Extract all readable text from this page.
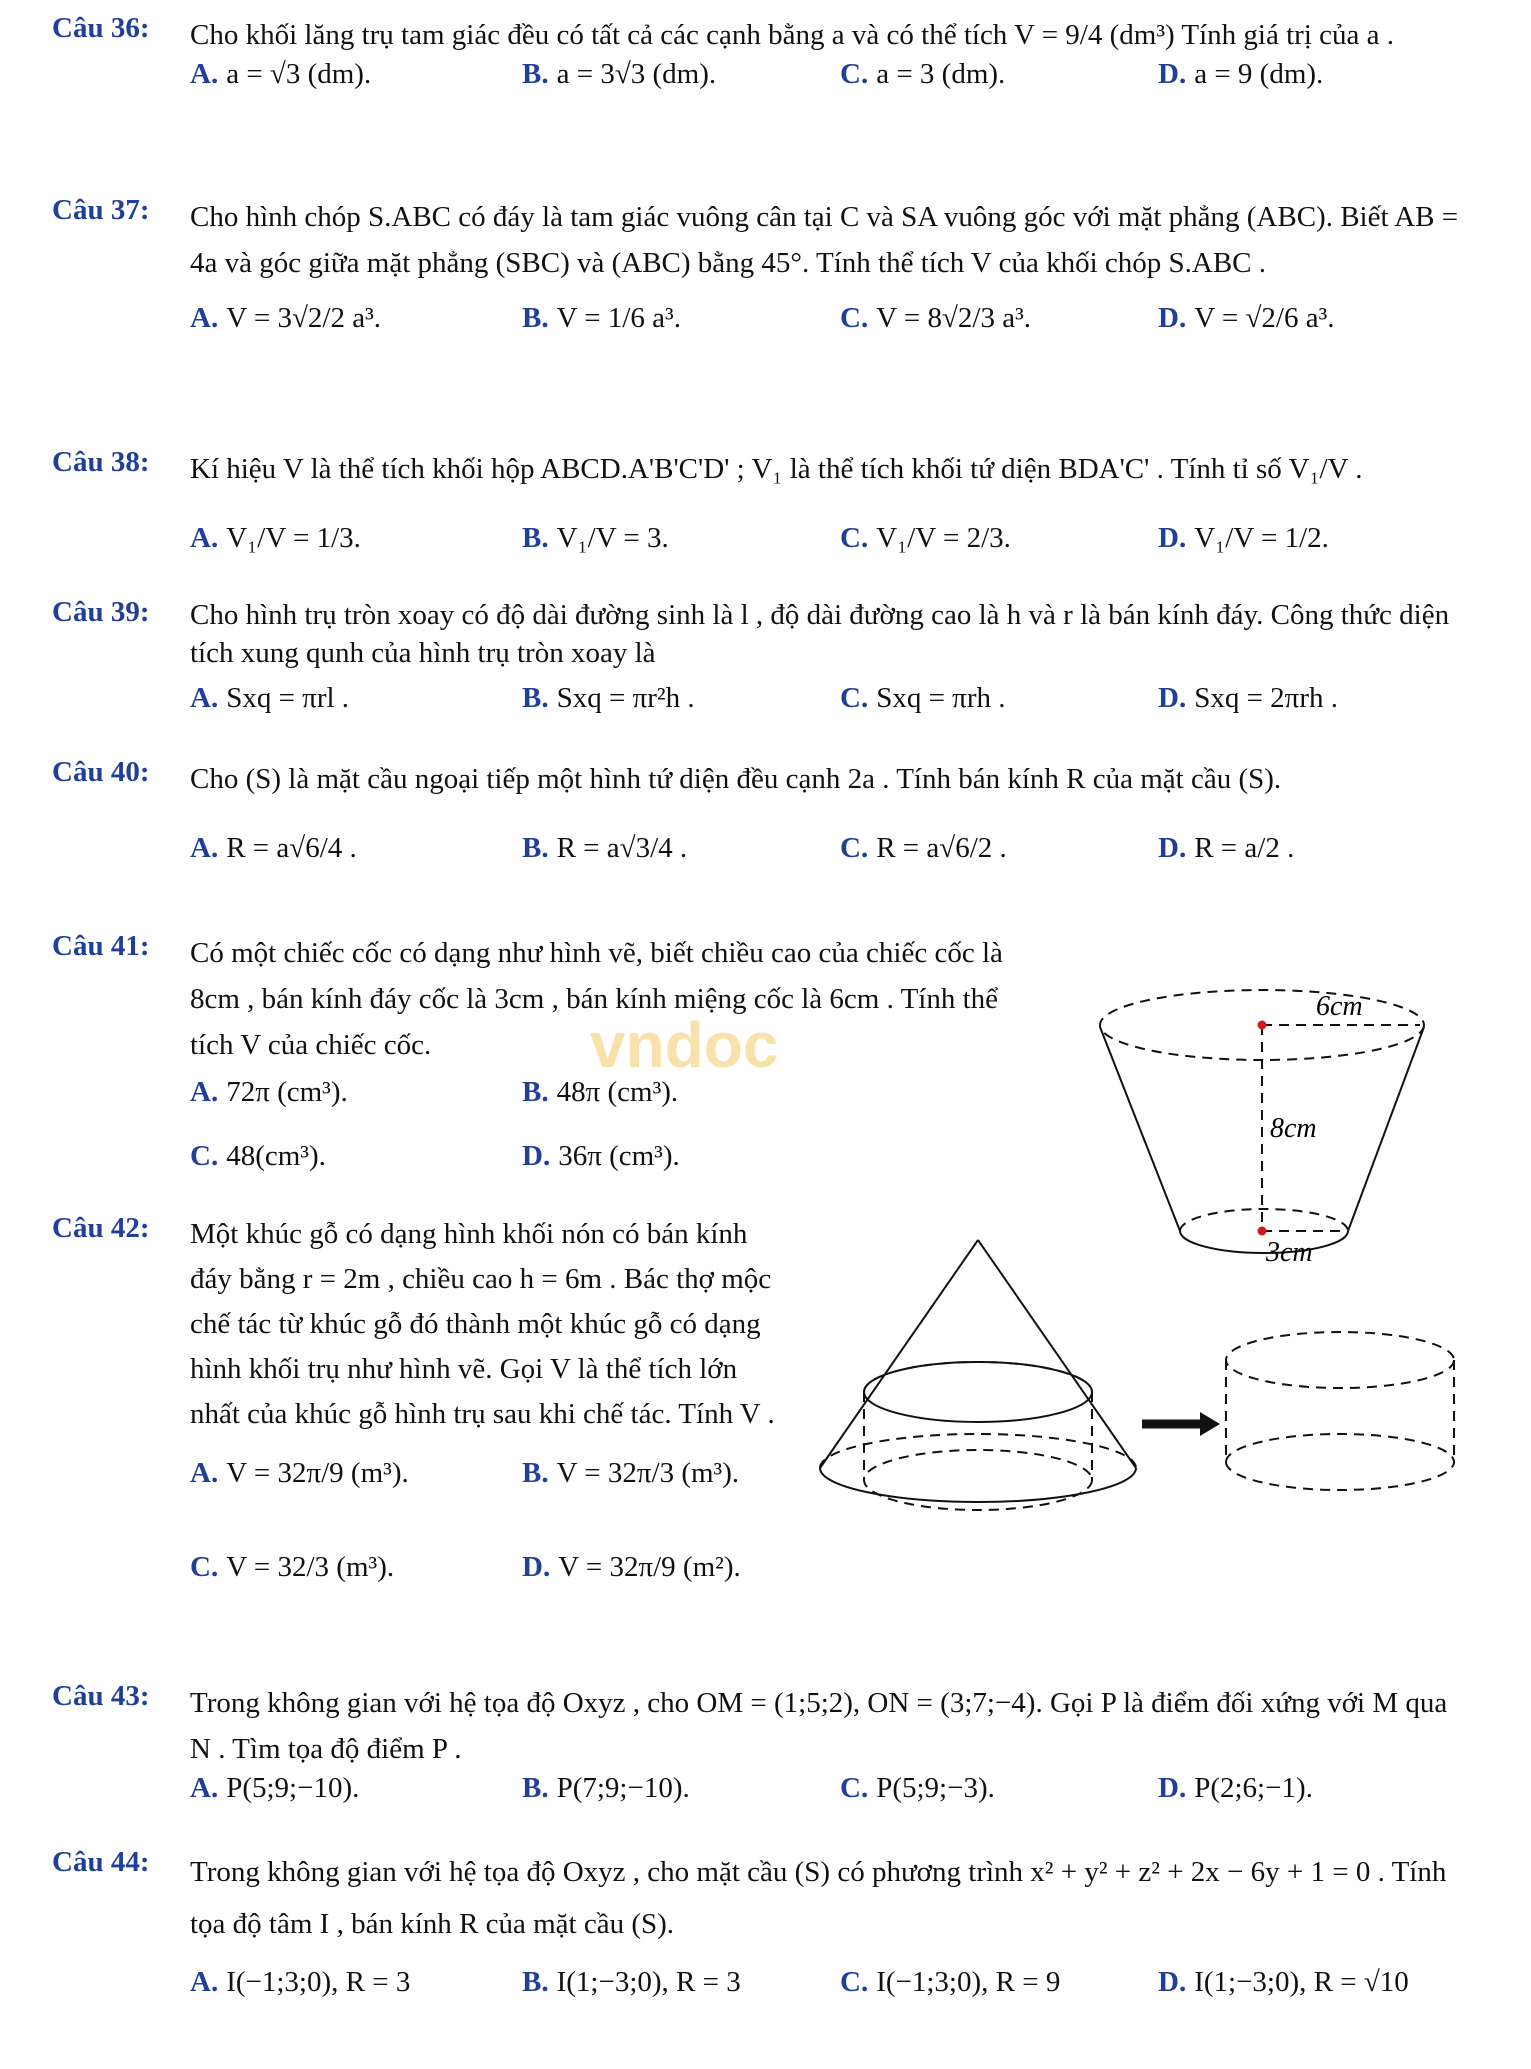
Câu 36: Cho khối lăng trụ tam giác đều có tất cả các cạnh bằng a và có thể tích V = 9/4 (dm³) Tính giá trị của a .
A. a = √3 (dm).	B. a = 3√3 (dm).	C. a = 3 (dm).	D. a = 9 (dm).
Câu 37: Cho hình chóp S.ABC có đáy là tam giác vuông cân tại C và SA vuông góc với mặt phẳng (ABC). Biết AB = 4a và góc giữa mặt phẳng (SBC) và (ABC) bằng 45°. Tính thể tích V của khối chóp S.ABC .
A. V = 3√2/2 a³.	B. V = 1/6 a³.	C. V = 8√2/3 a³.	D. V = √2/6 a³.
Câu 38: Kí hiệu V là thể tích khối hộp ABCD.A'B'C'D' ; V₁ là thể tích khối tứ diện BDA'C' . Tính tỉ số V₁/V .
A. V₁/V = 1/3.	B. V₁/V = 3.	C. V₁/V = 2/3.	D. V₁/V = 1/2.
Câu 39: Cho hình trụ tròn xoay có độ dài đường sinh là l , độ dài đường cao là h và r là bán kính đáy. Công thức diện tích xung qunh của hình trụ tròn xoay là
A. Sxq = πrl .	B. Sxq = πr²h .	C. Sxq = πrh .	D. Sxq = 2πrh .
Câu 40: Cho (S) là mặt cầu ngoại tiếp một hình tứ diện đều cạnh 2a . Tính bán kính R của mặt cầu (S).
A. R = a√6/4 .	B. R = a√3/4 .	C. R = a√6/2 .	D. R = a/2 .
Câu 41: Có một chiếc cốc có dạng như hình vẽ, biết chiều cao của chiếc cốc là 8cm , bán kính đáy cốc là 3cm , bán kính miệng cốc là 6cm . Tính thể tích V của chiếc cốc.
A. 72π (cm³).	B. 48π (cm³).
C. 48(cm³).	D. 36π (cm³).
vndoc
Câu 42: Một khúc gỗ có dạng hình khối nón có bán kính đáy bằng r = 2m , chiều cao h = 6m . Bác thợ mộc chế tác từ khúc gỗ đó thành một khúc gỗ có dạng hình khối trụ như hình vẽ. Gọi V là thể tích lớn nhất của khúc gỗ hình trụ sau khi chế tác. Tính V .
A. V = 32π/9 (m³).	B. V = 32π/3 (m³).
C. V = 32/3 (m³).	D. V = 32π/9 (m²).
Câu 43: Trong không gian với hệ tọa độ Oxyz , cho OM = (1;5;2), ON = (3;7;−4). Gọi P là điểm đối xứng với M qua N . Tìm tọa độ điểm P .
A. P(5;9;−10).	B. P(7;9;−10).	C. P(5;9;−3).	D. P(2;6;−1).
Câu 44: Trong không gian với hệ tọa độ Oxyz , cho mặt cầu (S) có phương trình x² + y² + z² + 2x − 6y + 1 = 0 . Tính tọa độ tâm I , bán kính R của mặt cầu (S).
A. I(−1;3;0), R = 3	B. I(1;−3;0), R = 3	C. I(−1;3;0), R = 9	D. I(1;−3;0), R = √10
6cm
8cm
3cm
